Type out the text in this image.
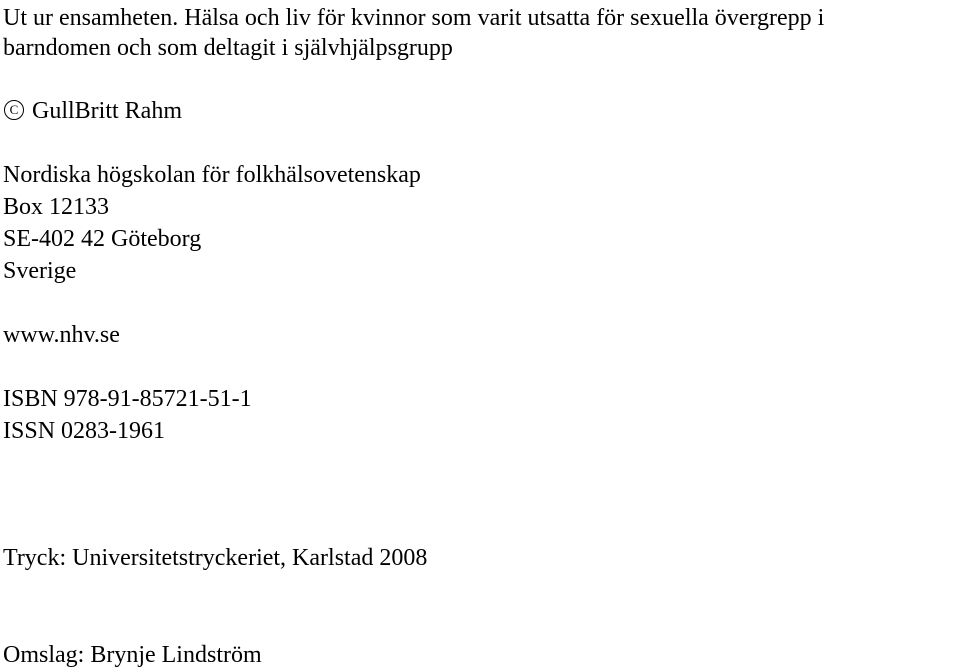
Ut ur ensamheten. Hälsa och liv för kvinnor som varit utsatta för sexuella övergrepp i
barndomen och som deltagit i självhjälpsgrupp
C GullBritt Rahm
Nordiska högskolan för folkhälsovetenskap
Box 12133
SE-402 42 Göteborg
Sverige
www.nhv.se
ISBN 978-91-85721-51-1
ISSN 0283-1961
Tryck: Universitetstryckeriet, Karlstad 2008
Omslag: Brynje Lindström
